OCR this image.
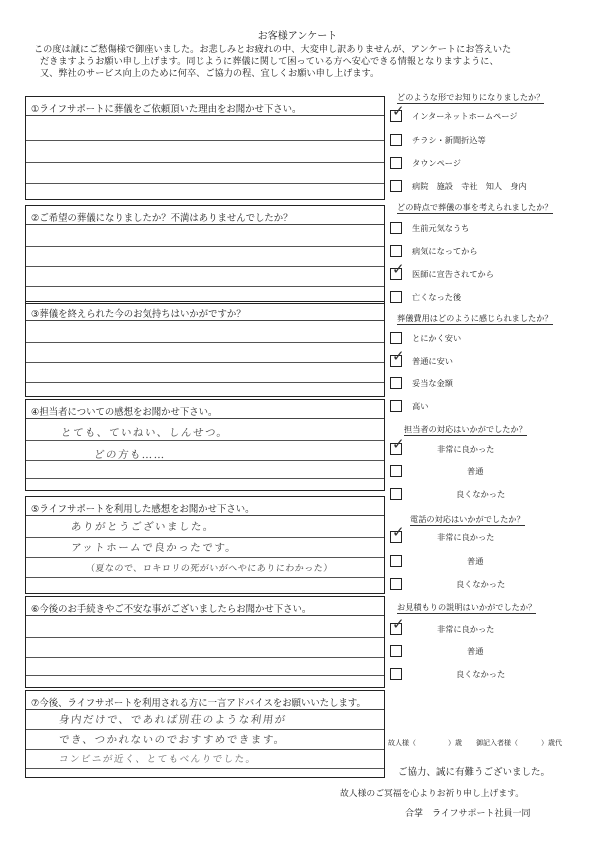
お客様アンケート
この度は誠にご愁傷様で御座いました。お悲しみとお疲れの中、大変申し訳ありませんが、アンケートにお答えいた
だきますようお願い申し上げます。同じように葬儀に関して困っている方へ安心できる情報となりますように、
又、弊社のサービス向上のために何卒、ご協力の程、宜しくお願い申し上げます。
①ライフサポートに葬儀をご依頼頂いた理由をお聞かせ下さい。
②ご希望の葬儀になりましたか？不満はありませんでしたか？
③葬儀を終えられた今のお気持ちはいかがですか？
④担当者についての感想をお聞かせ下さい。
とても、ていねい、しんせつ。
どの方も……
⑤ライフサポートを利用した感想をお聞かせ下さい。
ありがとうございました。
アットホームで良かったです。
（夏なので、ロキロリの死がいがへやにありにわかった）
⑥今後のお手続きやご不安な事がございましたらお聞かせ下さい。
⑦今後、ライフサポートを利用される方に一言アドバイスをお願いいたします。
身内だけで、であれば別荘のような利用が
でき、つかれないのでおすすめできます。
コンビニが近く、とてもべんりでした。
どのような形でお知りになりましたか？
✓ インターネットホームページ
チラシ・新聞折込等
タウンページ
病院　施設　寺社　知人　身内
どの時点で葬儀の事を考えられましたか？
生前元気なうち
病気になってから
✓ 医師に宣告されてから
亡くなった後
葬儀費用はどのように感じられましたか？
とにかく安い
✓ 普通に安い
妥当な金額
高い
担当者の対応はいかがでしたか？
✓	非常に良かった
普通
良くなかった
電話の対応はいかがでしたか？
✓	非常に良かった
普通
良くなかった
お見積もりの説明はいかがでしたか？
✓	非常に良かった
普通
良くなかった
故人様（	）歳 御記入者様（	）歳代
ご協力、誠に有難うございました。
故人様のご冥福を心よりお祈り申し上げます。
合掌　ライフサポート社員一同
